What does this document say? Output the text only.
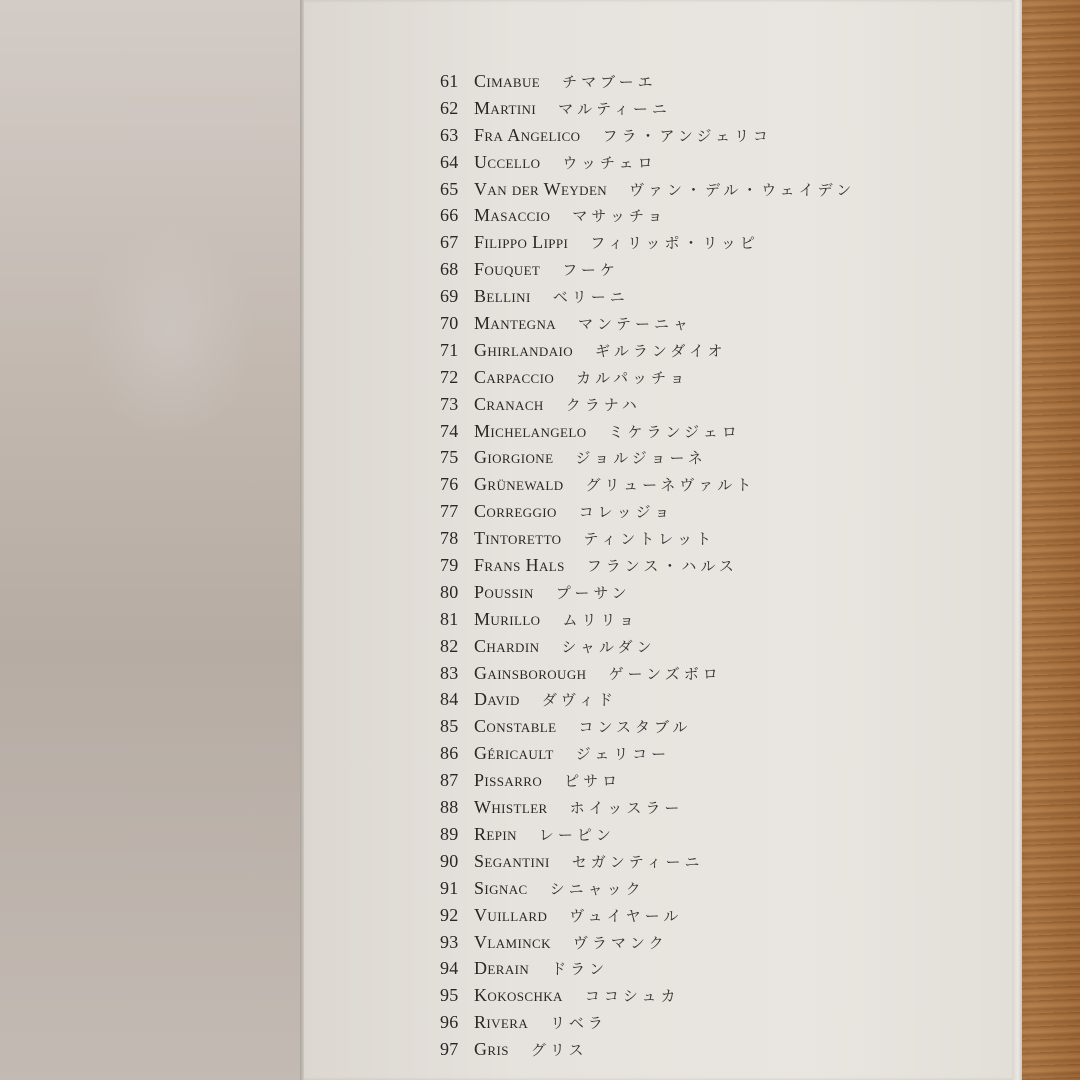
61 Cimabue チマブーエ
62 Martini マルティーニ
63 Fra Angelico フラ・アンジェリコ
64 Uccello ウッチェロ
65 Van der Weyden ヴァン・デル・ウェイデン
66 Masaccio マサッチョ
67 Filippo Lippi フィリッポ・リッピ
68 Fouquet フーケ
69 Bellini ベリーニ
70 Mantegna マンテーニャ
71 Ghirlandaio ギルランダイオ
72 Carpaccio カルパッチョ
73 Cranach クラナハ
74 Michelangelo ミケランジェロ
75 Giorgione ジョルジョーネ
76 Grünewald グリューネヴァルト
77 Correggio コレッジョ
78 Tintoretto ティントレット
79 Frans Hals フランス・ハルス
80 Poussin プーサン
81 Murillo ムリリョ
82 Chardin シャルダン
83 Gainsborough ゲーンズボロ
84 David ダヴィド
85 Constable コンスタブル
86 Géricault ジェリコー
87 Pissarro ピサロ
88 Whistler ホイッスラー
89 Repin レーピン
90 Segantini セガンティーニ
91 Signac シニャック
92 Vuillard ヴュイヤール
93 Vlaminck ヴラマンク
94 Derain ドラン
95 Kokoschka ココシュカ
96 Rivera リベラ
97 Gris グリス
